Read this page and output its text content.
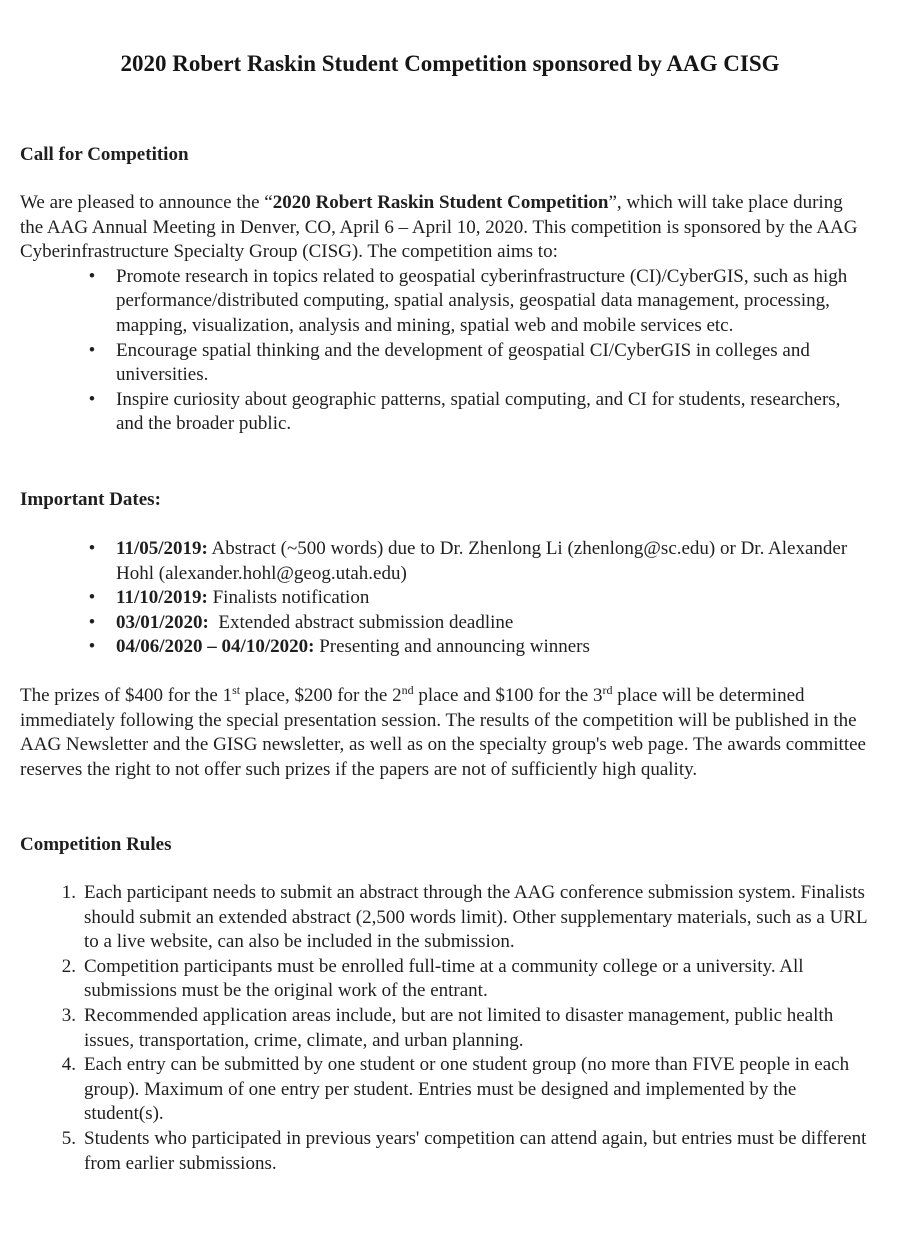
2020 Robert Raskin Student Competition sponsored by AAG CISG
Call for Competition

We are pleased to announce the “2020 Robert Raskin Student Competition”, which will take place during the AAG Annual Meeting in Denver, CO, April 6 – April 10, 2020. This competition is sponsored by the AAG Cyberinfrastructure Specialty Group (CISG). The competition aims to:

• Promote research in topics related to geospatial cyberinfrastructure (CI)/CyberGIS, such as high performance/distributed computing, spatial analysis, geospatial data management, processing, mapping, visualization, analysis and mining, spatial web and mobile services etc.
• Encourage spatial thinking and the development of geospatial CI/CyberGIS in colleges and universities.
• Inspire curiosity about geographic patterns, spatial computing, and CI for students, researchers, and the broader public.
Important Dates:
• 11/05/2019: Abstract (~500 words) due to Dr. Zhenlong Li (zhenlong@sc.edu) or Dr. Alexander Hohl (alexander.hohl@geog.utah.edu)
• 11/10/2019: Finalists notification
• 03/01/2020:  Extended abstract submission deadline
• 04/06/2020 – 04/10/2020: Presenting and announcing winners

The prizes of $400 for the 1st place, $200 for the 2nd place and $100 for the 3rd place will be determined immediately following the special presentation session. The results of the competition will be published in the AAG Newsletter and the GISG newsletter, as well as on the specialty group's web page. The awards committee reserves the right to not offer such prizes if the papers are not of sufficiently high quality.

Competition Rules
1. Each participant needs to submit an abstract through the AAG conference submission system. Finalists should submit an extended abstract (2,500 words limit). Other supplementary materials, such as a URL to a live website, can also be included in the submission.
2. Competition participants must be enrolled full-time at a community college or a university. All submissions must be the original work of the entrant.
3. Recommended application areas include, but are not limited to disaster management, public health issues, transportation, crime, climate, and urban planning.
4. Each entry can be submitted by one student or one student group (no more than FIVE people in each group). Maximum of one entry per student. Entries must be designed and implemented by the student(s).
5. Students who participated in previous years' competition can attend again, but entries must be different from earlier submissions.
